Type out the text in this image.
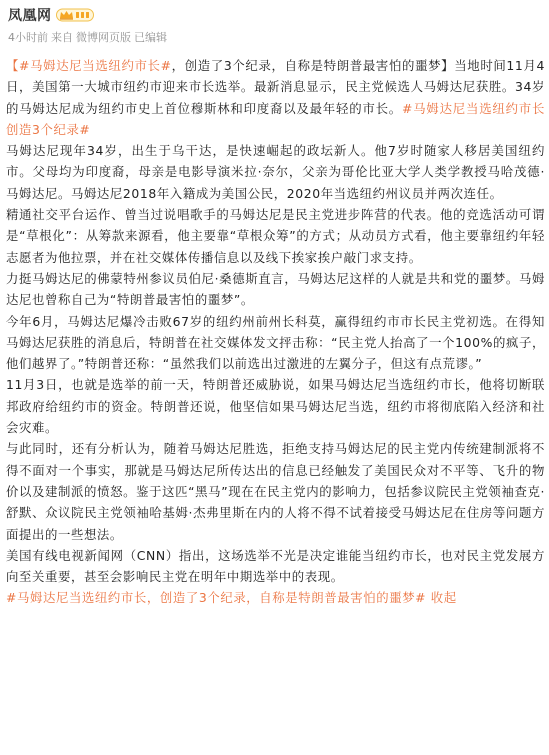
凤凰网
4小时前 来自 微博网页版 已编辑

【#马姆达尼当选纽约市长#，创造了3个纪录，自称是特朗普最害怕的噩梦】当地时间11月4日，美国第一大城市纽约市迎来市长选举。最新消息显示，民主党候选人马姆达尼获胜。34岁的马姆达尼成为纽约市史上首位穆斯林和印度裔以及最年轻的市长。#马姆达尼当选纽约市长创造3个纪录#

马姆达尼现年34岁，出生于乌干达，是快速崛起的政坛新人。他7岁时随家人移居美国纽约市。父母均为印度裔，母亲是电影导演米拉·奈尔，父亲为哥伦比亚大学人类学教授马哈茂德·马姆达尼。马姆达尼2018年入籍成为美国公民，2020年当选纽约州议员并两次连任。

精通社交平台运作、曾当过说唱歌手的马姆达尼是民主党进步阵营的代表。他的竞选活动可谓是“草根化”：从筹款来源看，他主要靠“草根众筹”的方式；从动员方式看，他主要靠纽约年轻志愿者为他拉票，并在社交媒体传播信息以及线下挨家挨户敲门求支持。

力挺马姆达尼的佛蒙特州参议员伯尼·桑德斯直言，马姆达尼这样的人就是共和党的噩梦。马姆达尼也曾称自己为“特朗普最害怕的噩梦”。

今年6月，马姆达尼爆冷击败67岁的纽约州前州长科莫，赢得纽约市市长民主党初选。在得知马姆达尼获胜的消息后，特朗普在社交媒体发文抨击称：“民主党人抬高了一个100%的疯子，他们越界了。”特朗普还称：“虽然我们以前选出过激进的左翼分子，但这有点荒谬。”

11月3日，也就是选举的前一天，特朗普还威胁说，如果马姆达尼当选纽约市长，他将切断联邦政府给纽约市的资金。特朗普还说，他坚信如果马姆达尼当选，纽约市将彻底陷入经济和社会灾难。

与此同时，还有分析认为，随着马姆达尼胜选，拒绝支持马姆达尼的民主党内传统建制派将不得不面对一个事实，那就是马姆达尼所传达出的信息已经触发了美国民众对不平等、飞升的物价以及建制派的愤怒。鉴于这匹“黑马”现在在民主党内的影响力，包括参议院民主党领袖查克·舒默、众议院民主党领袖哈基姆·杰弗里斯在内的人将不得不试着接受马姆达尼在住房等问题方面提出的一些想法。

美国有线电视新闻网（CNN）指出，这场选举不光是决定谁能当纽约市长，也对民主党发展方向至关重要，甚至会影响民主党在明年中期选举中的表现。

#马姆达尼当选纽约市长，创造了3个纪录，自称是特朗普最害怕的噩梦# 收起
